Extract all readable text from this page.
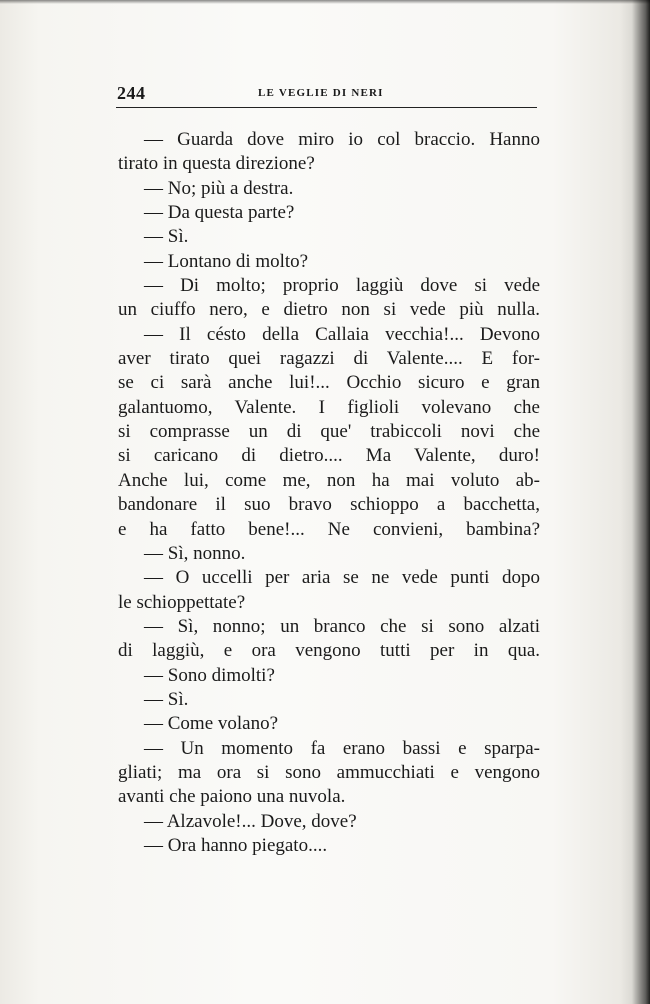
244	LE VEGLIE DI NERI
— Guarda dove miro io col braccio. Hanno
tirato in questa direzione?
— No; più a destra.
— Da questa parte?
— Sì.
— Lontano di molto?
— Di molto; proprio laggiù dove si vede
un ciuffo nero, e dietro non si vede più nulla.
— Il césto della Callaia vecchia!... Devono
aver tirato quei ragazzi di Valente.... E for-
se ci sarà anche lui!... Occhio sicuro e gran
galantuomo, Valente. I figlioli volevano che
si comprasse un di que' trabiccoli novi che
si caricano di dietro.... Ma Valente, duro!
Anche lui, come me, non ha mai voluto ab-
bandonare il suo bravo schioppo a bacchetta,
e ha fatto bene!... Ne convieni, bambina?
— Sì, nonno.
— O uccelli per aria se ne vede punti dopo
le schioppettate?
— Sì, nonno; un branco che si sono alzati
di laggiù, e ora vengono tutti per in qua.
— Sono dimolti?
— Sì.
— Come volano?
— Un momento fa erano bassi e sparpa-
gliati; ma ora si sono ammucchiati e vengono
avanti che paiono una nuvola.
— Alzavole!... Dove, dove?
— Ora hanno piegato....
